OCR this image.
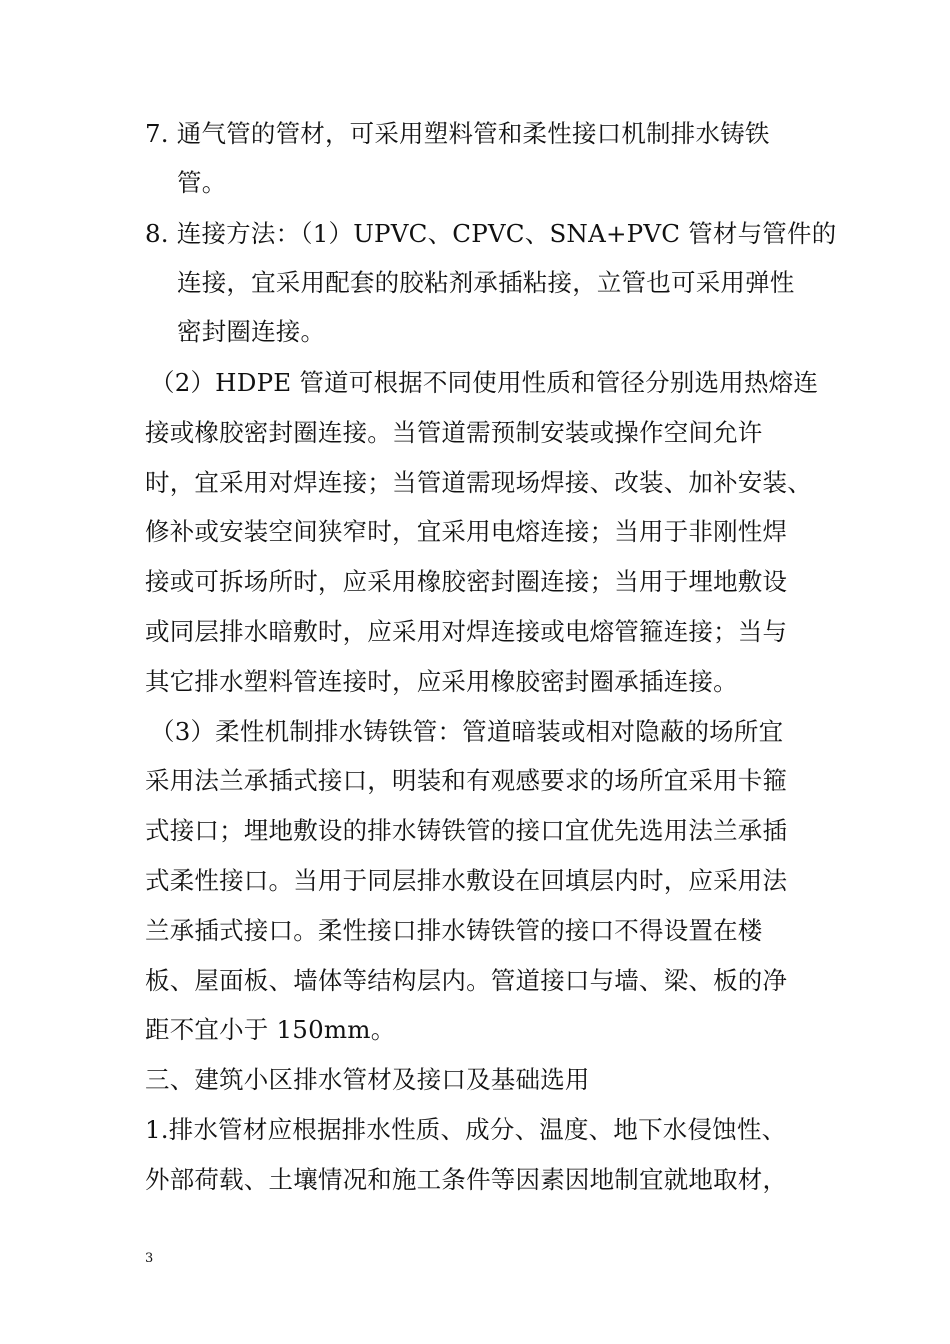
7. 通气管的管材，可采用塑料管和柔性接口机制排水铸铁
管。
8. 连接方法：（1）UPVC、CPVC、SNA+PVC 管材与管件的
连接，宜采用配套的胶粘剂承插粘接，立管也可采用弹性
密封圈连接。
（2）HDPE 管道可根据不同使用性质和管径分别选用热熔连
接或橡胶密封圈连接。当管道需预制安装或操作空间允许
时，宜采用对焊连接；当管道需现场焊接、改装、加补安装、
修补或安装空间狭窄时，宜采用电熔连接；当用于非刚性焊
接或可拆场所时，应采用橡胶密封圈连接；当用于埋地敷设
或同层排水暗敷时，应采用对焊连接或电熔管箍连接；当与
其它排水塑料管连接时，应采用橡胶密封圈承插连接。
（3）柔性机制排水铸铁管：管道暗装或相对隐蔽的场所宜
采用法兰承插式接口，明装和有观感要求的场所宜采用卡箍
式接口；埋地敷设的排水铸铁管的接口宜优先选用法兰承插
式柔性接口。当用于同层排水敷设在回填层内时，应采用法
兰承插式接口。柔性接口排水铸铁管的接口不得设置在楼
板、屋面板、墙体等结构层内。管道接口与墙、梁、板的净
距不宜小于 150mm。
三、建筑小区排水管材及接口及基础选用
1.排水管材应根据排水性质、成分、温度、地下水侵蚀性、
外部荷载、土壤情况和施工条件等因素因地制宜就地取材，
3
